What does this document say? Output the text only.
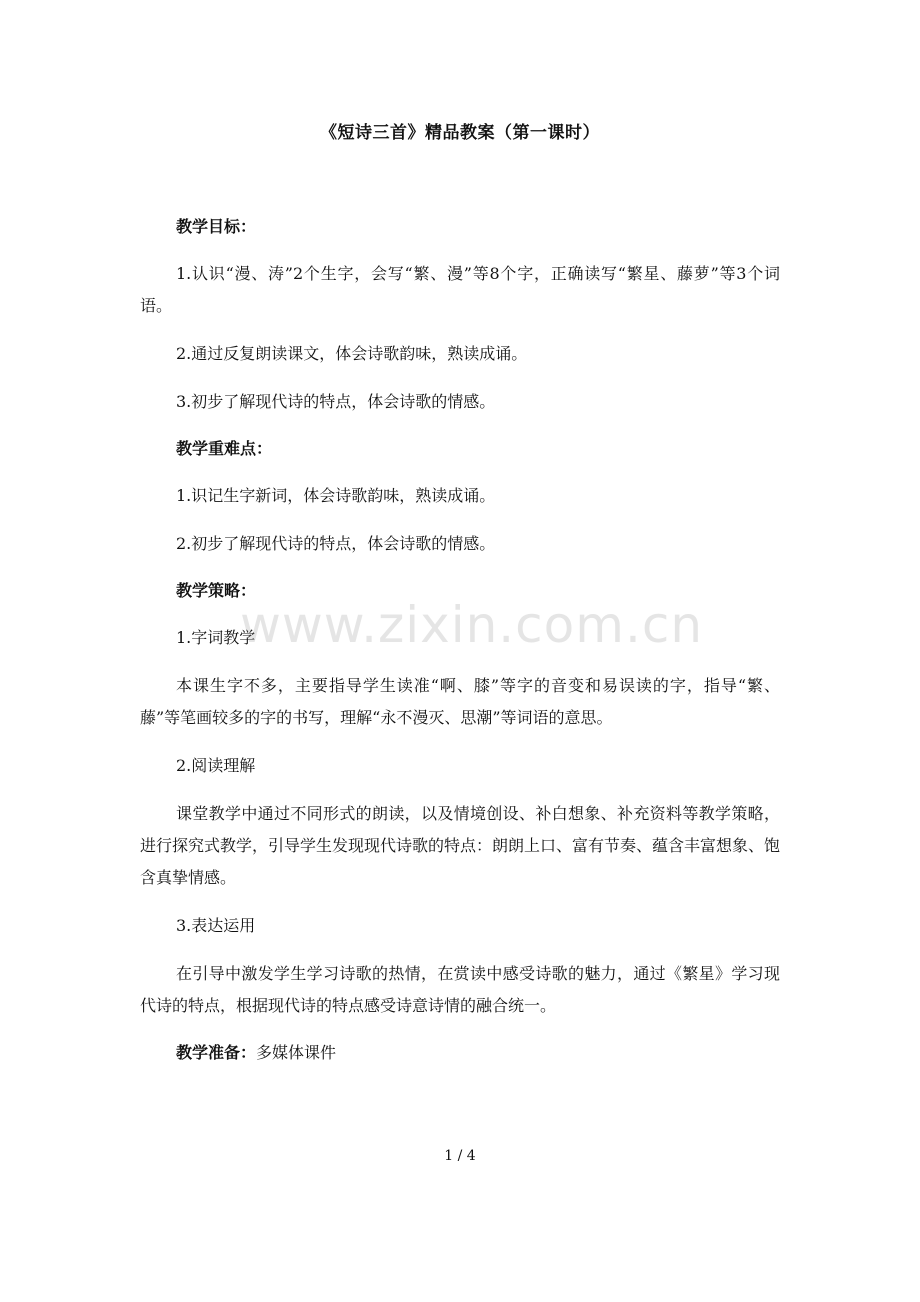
《短诗三首》精品教案（第一课时）

教学目标：

1.认识“漫、涛”2个生字，会写“繁、漫”等8个字，正确读写“繁星、藤萝”等3个词语。

2.通过反复朗读课文，体会诗歌韵味，熟读成诵。

3.初步了解现代诗的特点，体会诗歌的情感。

教学重难点：

1.识记生字新词，体会诗歌韵味，熟读成诵。

2.初步了解现代诗的特点，体会诗歌的情感。

教学策略：

1.字词教学

本课生字不多，主要指导学生读准“啊、膝”等字的音变和易误读的字，指导“繁、藤”等笔画较多的字的书写，理解“永不漫灭、思潮”等词语的意思。

2.阅读理解

课堂教学中通过不同形式的朗读，以及情境创设、补白想象、补充资料等教学策略，进行探究式教学，引导学生发现现代诗歌的特点：朗朗上口、富有节奏、蕴含丰富想象、饱含真挚情感。

3.表达运用

在引导中激发学生学习诗歌的热情，在赏读中感受诗歌的魅力，通过《繁星》学习现代诗的特点，根据现代诗的特点感受诗意诗情的融合统一。

教学准备：多媒体课件

www.zixin.com.cn
1 / 4
